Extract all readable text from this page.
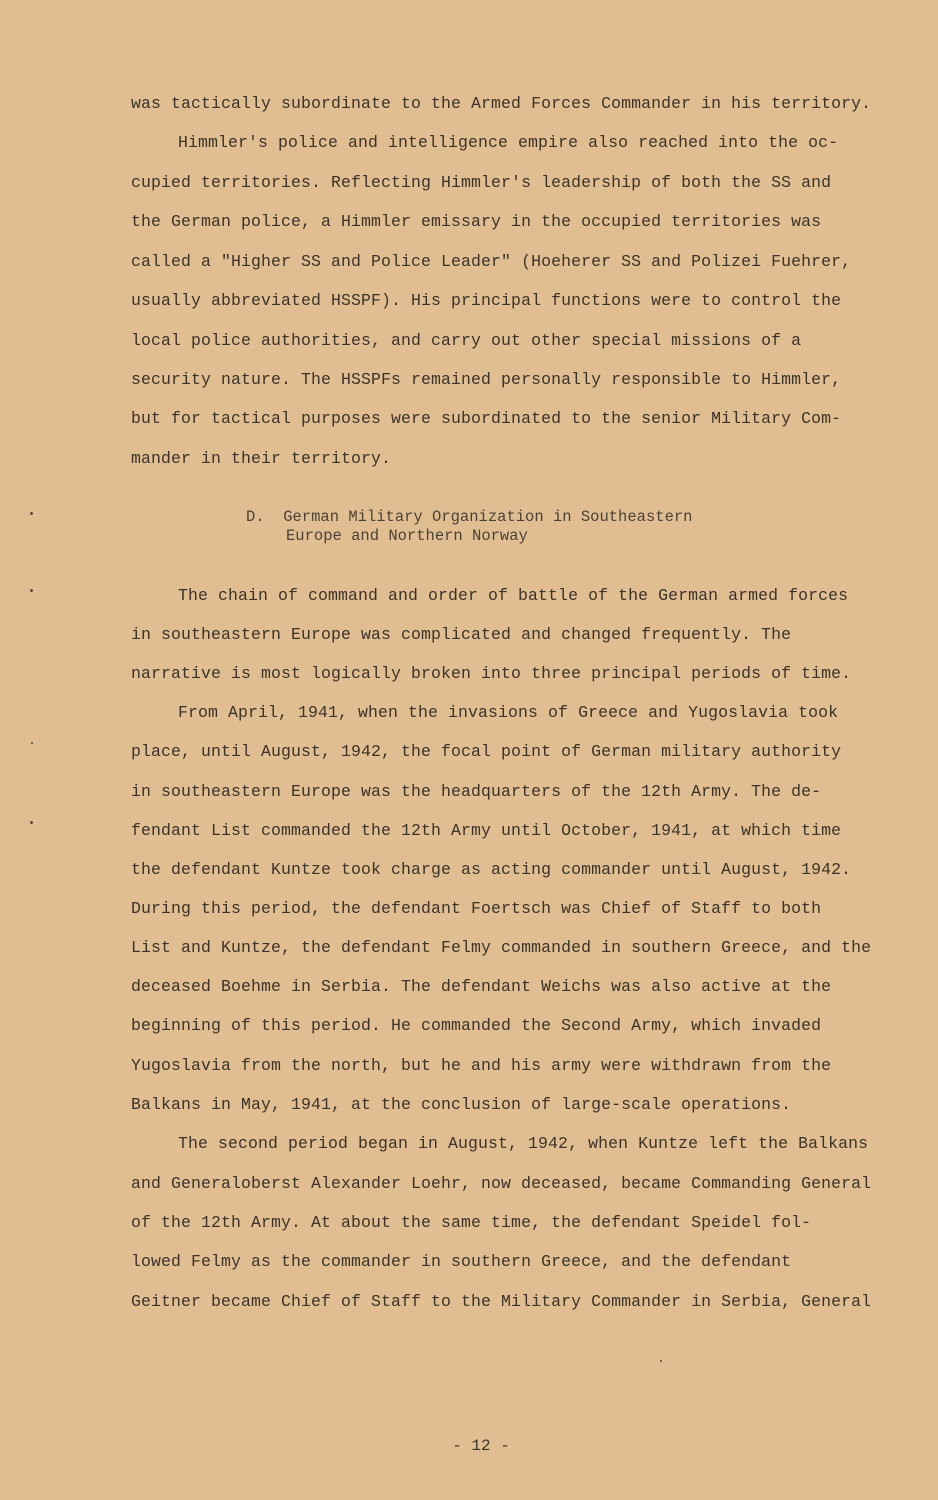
was tactically subordinate to the Armed Forces Commander in his territory.
Himmler's police and intelligence empire also reached into the oc-
cupied territories. Reflecting Himmler's leadership of both the SS and
the German police, a Himmler emissary in the occupied territories was
called a "Higher SS and Police Leader" (Hoeherer SS and Polizei Fuehrer,
usually abbreviated HSSPF). His principal functions were to control the
local police authorities, and carry out other special missions of a
security nature. The HSSPFs remained personally responsible to Himmler,
but for tactical purposes were subordinated to the senior Military Com-
mander in their territory.
D.  German Military Organization in Southeastern
Europe and Northern Norway
The chain of command and order of battle of the German armed forces
in southeastern Europe was complicated and changed frequently. The
narrative is most logically broken into three principal periods of time.
From April, 1941, when the invasions of Greece and Yugoslavia took
place, until August, 1942, the focal point of German military authority
in southeastern Europe was the headquarters of the 12th Army. The de-
fendant List commanded the 12th Army until October, 1941, at which time
the defendant Kuntze took charge as acting commander until August, 1942.
During this period, the defendant Foertsch was Chief of Staff to both
List and Kuntze, the defendant Felmy commanded in southern Greece, and the
deceased Boehme in Serbia. The defendant Weichs was also active at the
beginning of this period. He commanded the Second Army, which invaded
Yugoslavia from the north, but he and his army were withdrawn from the
Balkans in May, 1941, at the conclusion of large-scale operations.
The second period began in August, 1942, when Kuntze left the Balkans
and Generaloberst Alexander Loehr, now deceased, became Commanding General
of the 12th Army. At about the same time, the defendant Speidel fol-
lowed Felmy as the commander in southern Greece, and the defendant
Geitner became Chief of Staff to the Military Commander in Serbia, General
- 12 -
